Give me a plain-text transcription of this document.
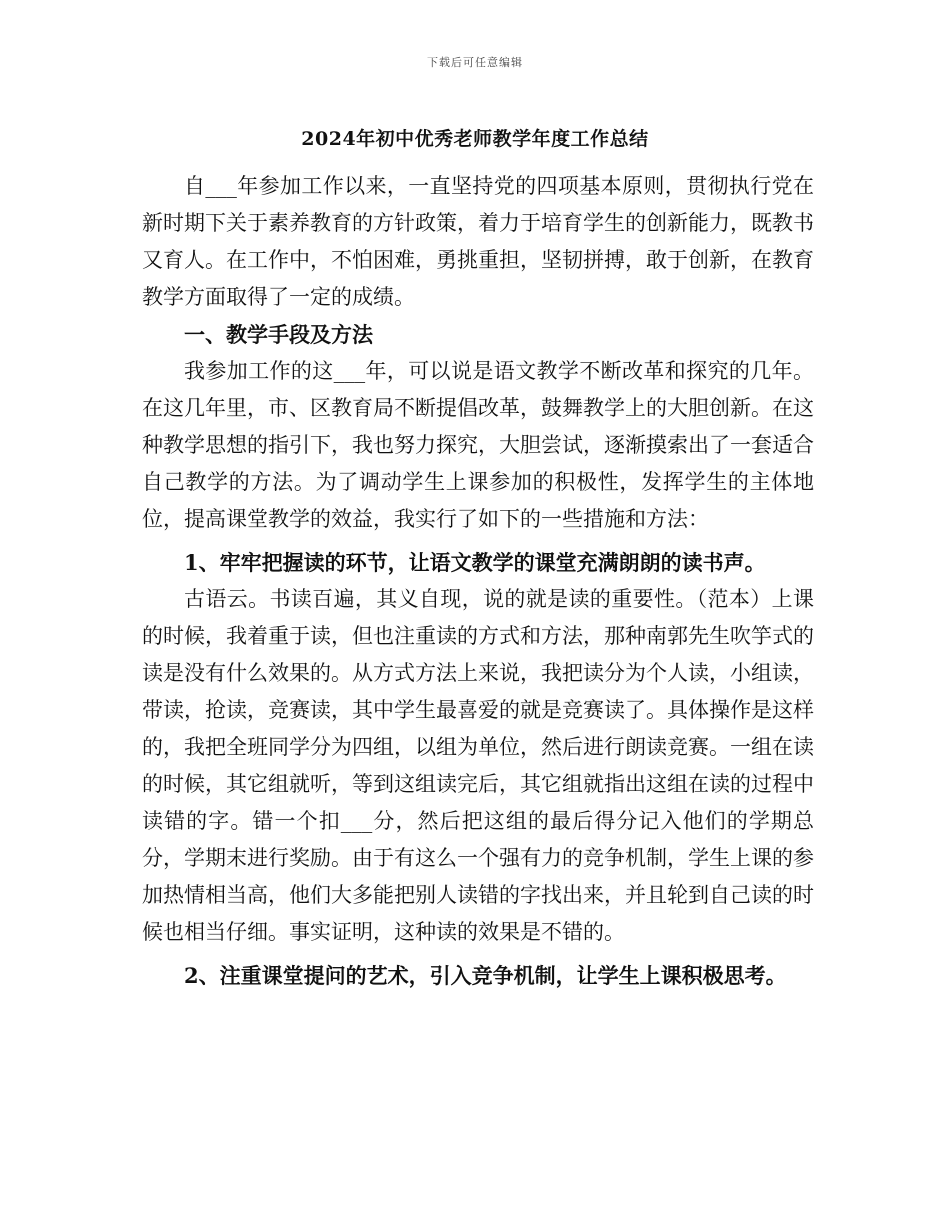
下载后可任意编辑
2024年初中优秀老师教学年度工作总结

自___年参加工作以来，一直坚持党的四项基本原则，贯彻执行党在新时期下关于素养教育的方针政策，着力于培育学生的创新能力，既教书又育人。在工作中，不怕困难，勇挑重担，坚韧拼搏，敢于创新，在教育教学方面取得了一定的成绩。

一、教学手段及方法

我参加工作的这___年，可以说是语文教学不断改革和探究的几年。在这几年里，市、区教育局不断提倡改革，鼓舞教学上的大胆创新。在这种教学思想的指引下，我也努力探究，大胆尝试，逐渐摸索出了一套适合自己教学的方法。为了调动学生上课参加的积极性，发挥学生的主体地位，提高课堂教学的效益，我实行了如下的一些措施和方法：

1、牢牢把握读的环节，让语文教学的课堂充满朗朗的读书声。

古语云。书读百遍，其义自现，说的就是读的重要性。（范本）上课的时候，我着重于读，但也注重读的方式和方法，那种南郭先生吹竽式的读是没有什么效果的。从方式方法上来说，我把读分为个人读，小组读，带读，抢读，竞赛读，其中学生最喜爱的就是竞赛读了。具体操作是这样的，我把全班同学分为四组，以组为单位，然后进行朗读竞赛。一组在读的时候，其它组就听，等到这组读完后，其它组就指出这组在读的过程中读错的字。错一个扣___分，然后把这组的最后得分记入他们的学期总分，学期末进行奖励。由于有这么一个强有力的竞争机制，学生上课的参加热情相当高，他们大多能把别人读错的字找出来，并且轮到自己读的时候也相当仔细。事实证明，这种读的效果是不错的。

2、注重课堂提问的艺术，引入竞争机制，让学生上课积极思考。
